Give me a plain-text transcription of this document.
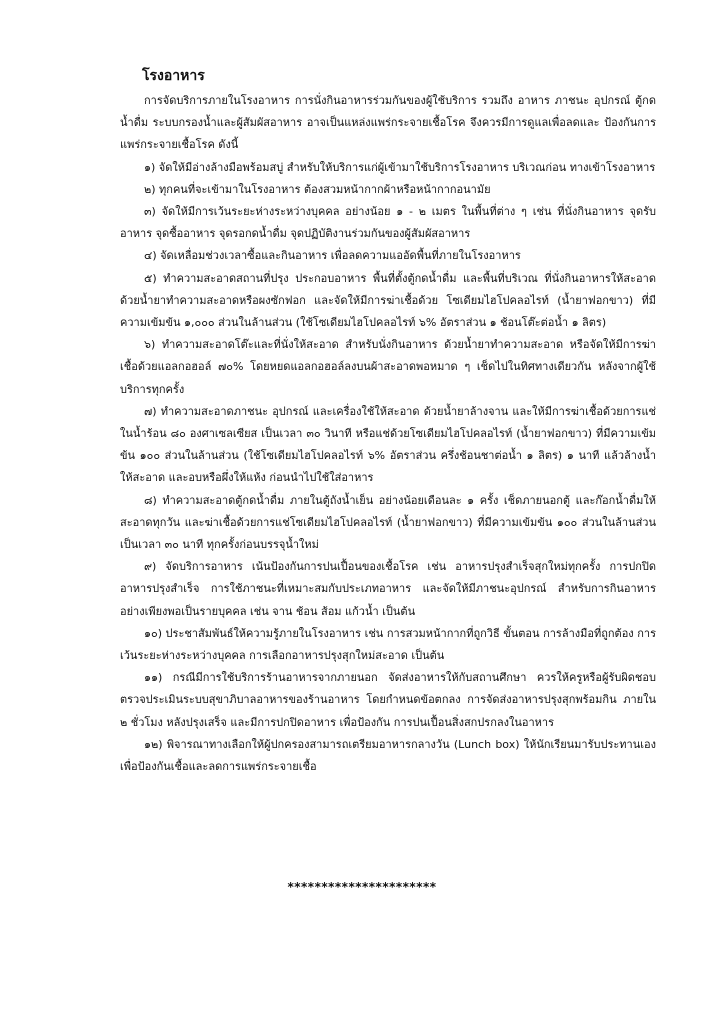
โรงอาหาร

การจัดบริการภายในโรงอาหาร การนั่งกินอาหารร่วมกันของผู้ใช้บริการ รวมถึง อาหาร ภาชนะ อุปกรณ์ ตู้กดน้ำดื่ม ระบบกรองน้ำและผู้สัมผัสอาหาร อาจเป็นแหล่งแพร่กระจายเชื้อโรค จึงควรมีการดูแลเพื่อลดและ ป้องกันการแพร่กระจายเชื้อโรค ดังนี้

๑) จัดให้มีอ่างล้างมือพร้อมสบู่ สำหรับให้บริการแก่ผู้เข้ามาใช้บริการโรงอาหาร บริเวณก่อน ทางเข้าโรงอาหาร

๒) ทุกคนที่จะเข้ามาในโรงอาหาร ต้องสวมหน้ากากผ้าหรือหน้ากากอนามัย

๓) จัดให้มีการเว้นระยะห่างระหว่างบุคคล อย่างน้อย ๑ - ๒ เมตร ในพื้นที่ต่าง ๆ เช่น ที่นั่งกินอาหาร จุดรับอาหาร จุดซื้ออาหาร จุดรอกดน้ำดื่ม จุดปฏิบัติงานร่วมกันของผู้สัมผัสอาหาร

๔) จัดเหลื่อมช่วงเวลาซื้อและกินอาหาร เพื่อลดความแออัดพื้นที่ภายในโรงอาหาร

๕) ทำความสะอาดสถานที่ปรุง ประกอบอาหาร พื้นที่ตั้งตู้กดน้ำดื่ม และพื้นที่บริเวณ ที่นั่งกินอาหารให้สะอาด ด้วยน้ำยาทำความสะอาดหรือผงซักฟอก และจัดให้มีการฆ่าเชื้อด้วย โซเดียมไฮโปคลอไรท์ (น้ำยาฟอกขาว) ที่มีความเข้มข้น ๑,๐๐๐ ส่วนในล้านส่วน (ใช้โซเดียมไฮโปคลอไรท์ ๖% อัตราส่วน ๑ ช้อนโต๊ะต่อน้ำ ๑ ลิตร)

๖) ทำความสะอาดโต๊ะและที่นั่งให้สะอาด สำหรับนั่งกินอาหาร ด้วยน้ำยาทำความสะอาด หรือจัดให้มีการฆ่าเชื้อด้วยแอลกอฮอล์ ๗๐% โดยหยดแอลกอฮอล์ลงบนผ้าสะอาดพอหมาด ๆ เช็ดไปในทิศทางเดียวกัน หลังจากผู้ใช้บริการทุกครั้ง

๗) ทำความสะอาดภาชนะ อุปกรณ์ และเครื่องใช้ให้สะอาด ด้วยน้ำยาล้างจาน และให้มีการฆ่าเชื้อด้วยการแช่ในน้ำร้อน ๘๐ องศาเซลเซียส เป็นเวลา ๓๐ วินาที หรือแช่ด้วยโซเดียมไฮโปคลอไรท์ (น้ำยาฟอกขาว) ที่มีความเข้มข้น ๑๐๐ ส่วนในล้านส่วน (ใช้โซเดียมไฮโปคลอไรท์ ๖% อัตราส่วน ครึ่งช้อนชาต่อน้ำ ๑ ลิตร) ๑ นาที แล้วล้างน้ำให้สะอาด และอบหรือผึ่งให้แห้ง ก่อนนำไปใช้ใส่อาหาร

๘) ทำความสะอาดตู้กดน้ำดื่ม ภายในตู้ถังน้ำเย็น อย่างน้อยเดือนละ ๑ ครั้ง เช็ดภายนอกตู้ และก๊อกน้ำดื่มให้สะอาดทุกวัน และฆ่าเชื้อด้วยการแช่โซเดียมไฮโปคลอไรท์ (น้ำยาฟอกขาว) ที่มีความเข้มข้น ๑๐๐ ส่วนในล้านส่วน เป็นเวลา ๓๐ นาที ทุกครั้งก่อนบรรจุน้ำใหม่

๙) จัดบริการอาหาร เน้นป้องกันการปนเปื้อนของเชื้อโรค เช่น อาหารปรุงสำเร็จสุกใหม่ทุกครั้ง การปกปิดอาหารปรุงสำเร็จ การใช้ภาชนะที่เหมาะสมกับประเภทอาหาร และจัดให้มีภาชนะอุปกรณ์ สำหรับการกินอาหารอย่างเพียงพอเป็นรายบุคคล เช่น จาน ช้อน ส้อม แก้วน้ำ เป็นต้น

๑๐) ประชาสัมพันธ์ให้ความรู้ภายในโรงอาหาร เช่น การสวมหน้ากากที่ถูกวิธี ขั้นตอน การล้างมือที่ถูกต้อง การเว้นระยะห่างระหว่างบุคคล การเลือกอาหารปรุงสุกใหม่สะอาด เป็นต้น

๑๑) กรณีมีการใช้บริการร้านอาหารจากภายนอก จัดส่งอาหารให้กับสถานศึกษา ควรให้ครูหรือผู้รับผิดชอบ ตรวจประเมินระบบสุขาภิบาลอาหารของร้านอาหาร โดยกำหนดข้อตกลง การจัดส่งอาหารปรุงสุกพร้อมกิน ภายใน ๒ ชั่วโมง หลังปรุงเสร็จ และมีการปกปิดอาหาร เพื่อป้องกัน การปนเปื้อนสิ่งสกปรกลงในอาหาร

๑๒) พิจารณาทางเลือกให้ผู้ปกครองสามารถเตรียมอาหารกลางวัน (Lunch box) ให้นักเรียนมารับประทานเอง เพื่อป้องกันเชื้อและลดการแพร่กระจายเชื้อ

**********************
